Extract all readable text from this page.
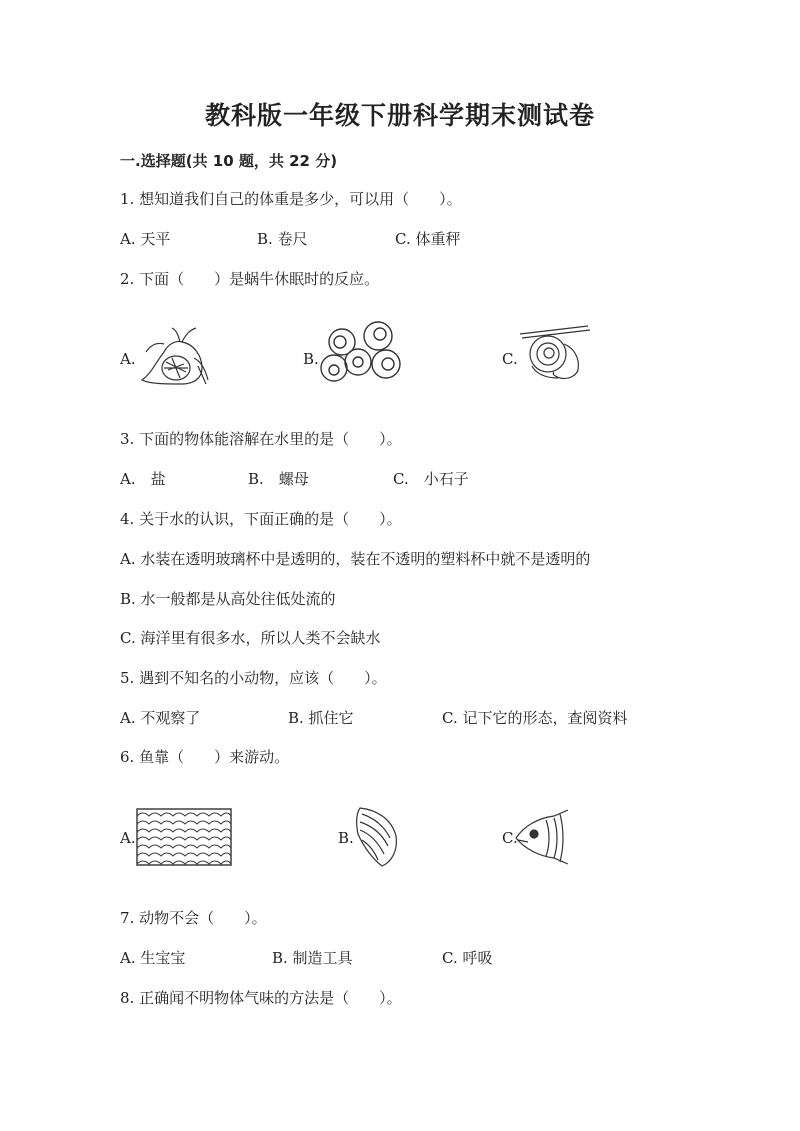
教科版一年级下册科学期末测试卷
一.选择题(共 10 题，共 22 分)
1. 想知道我们自己的体重是多少，可以用（　　）。
A. 天平	B. 卷尺	C. 体重秤
2. 下面（　　）是蜗牛休眠时的反应。
A.	B.	C.
3. 下面的物体能溶解在水里的是（　　）。
A.　盐	B.　螺母	C.　小石子
4. 关于水的认识，下面正确的是（　　）。
A. 水装在透明玻璃杯中是透明的，装在不透明的塑料杯中就不是透明的
B. 水一般都是从高处往低处流的
C. 海洋里有很多水，所以人类不会缺水
5. 遇到不知名的小动物，应该（　　）。
A. 不观察了	B. 抓住它	C. 记下它的形态，查阅资料
6. 鱼靠（　　）来游动。
A.	B.	C.
7. 动物不会（　　）。
A. 生宝宝	B. 制造工具	C. 呼吸
8. 正确闻不明物体气味的方法是（　　）。
